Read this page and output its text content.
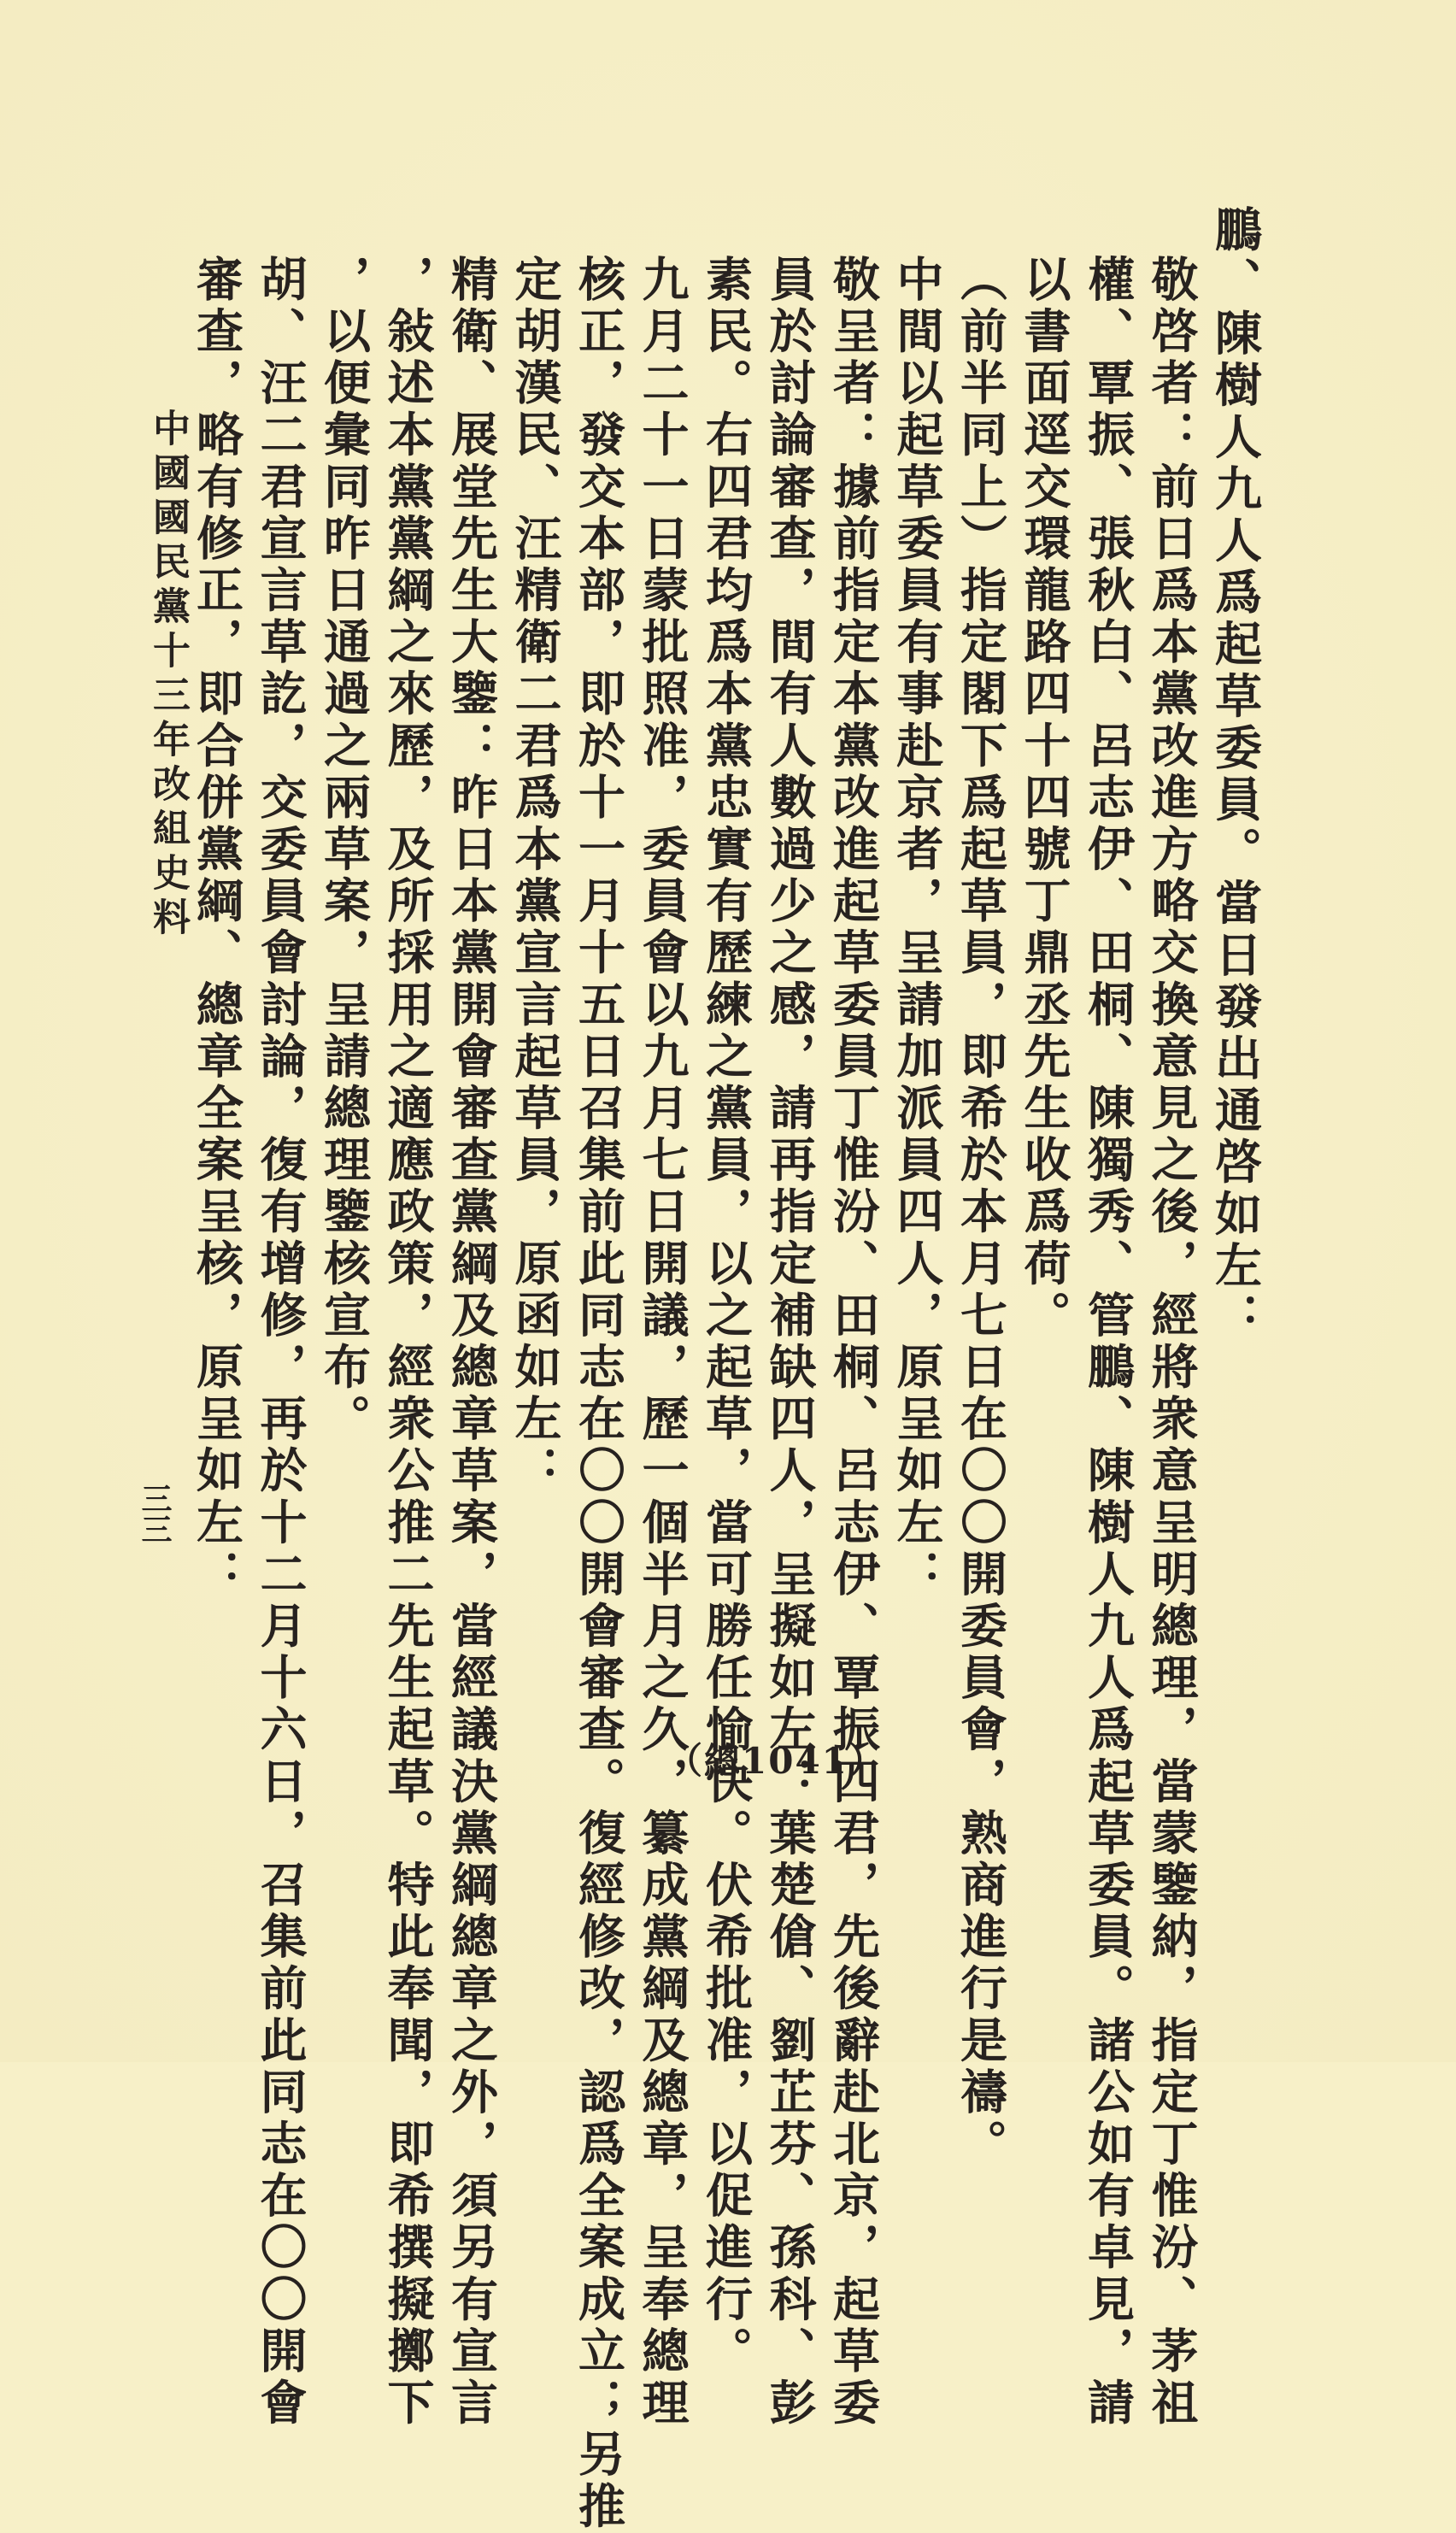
鵬、陳樹人九人爲起草委員。當日發出通啓如左：
敬啓者：前日爲本黨改進方略交換意見之後，經將衆意呈明總理，當蒙鑒納，指定丁惟汾、茅祖
權、覃振、張秋白、呂志伊、田桐、陳獨秀、管鵬、陳樹人九人爲起草委員。諸公如有卓見，請
以書面逕交環龍路四十四號丁鼎丞先生收爲荷。
（前半同上）指定閣下爲起草員，即希於本月七日在〇〇開委員會，熟商進行是禱。
中間以起草委員有事赴京者，呈請加派員四人，原呈如左：
敬呈者：據前指定本黨改進起草委員丁惟汾、田桐、呂志伊、覃振四君，先後辭赴北京，起草委
員於討論審查，間有人數過少之感，請再指定補缺四人，呈擬如左：葉楚傖、劉芷芬、孫科、彭
素民。右四君均爲本黨忠實有歷練之黨員，以之起草，當可勝任愉快。伏希批准，以促進行。
九月二十一日蒙批照准，委員會以九月七日開議，歷一個半月之久，纂成黨綱及總章，呈奉總理
核正，發交本部，即於十一月十五日召集前此同志在〇〇開會審查。復經修改，認爲全案成立；另推
定胡漢民、汪精衛二君爲本黨宣言起草員，原函如左：
精衛、展堂先生大鑒：昨日本黨開會審查黨綱及總章草案，當經議決黨綱總章之外，須另有宣言
，敍述本黨黨綱之來歷，及所採用之適應政策，經衆公推二先生起草。特此奉聞，即希撰擬擲下
，以便彙同昨日通過之兩草案，呈請總理鑒核宣布。
胡、汪二君宣言草訖，交委員會討論，復有增修，再於十二月十六日，召集前此同志在〇〇開會
審查，略有修正，即合併黨綱、總章全案呈核，原呈如左：
中國國民黨十三年改組史料
三三
（總1041）
